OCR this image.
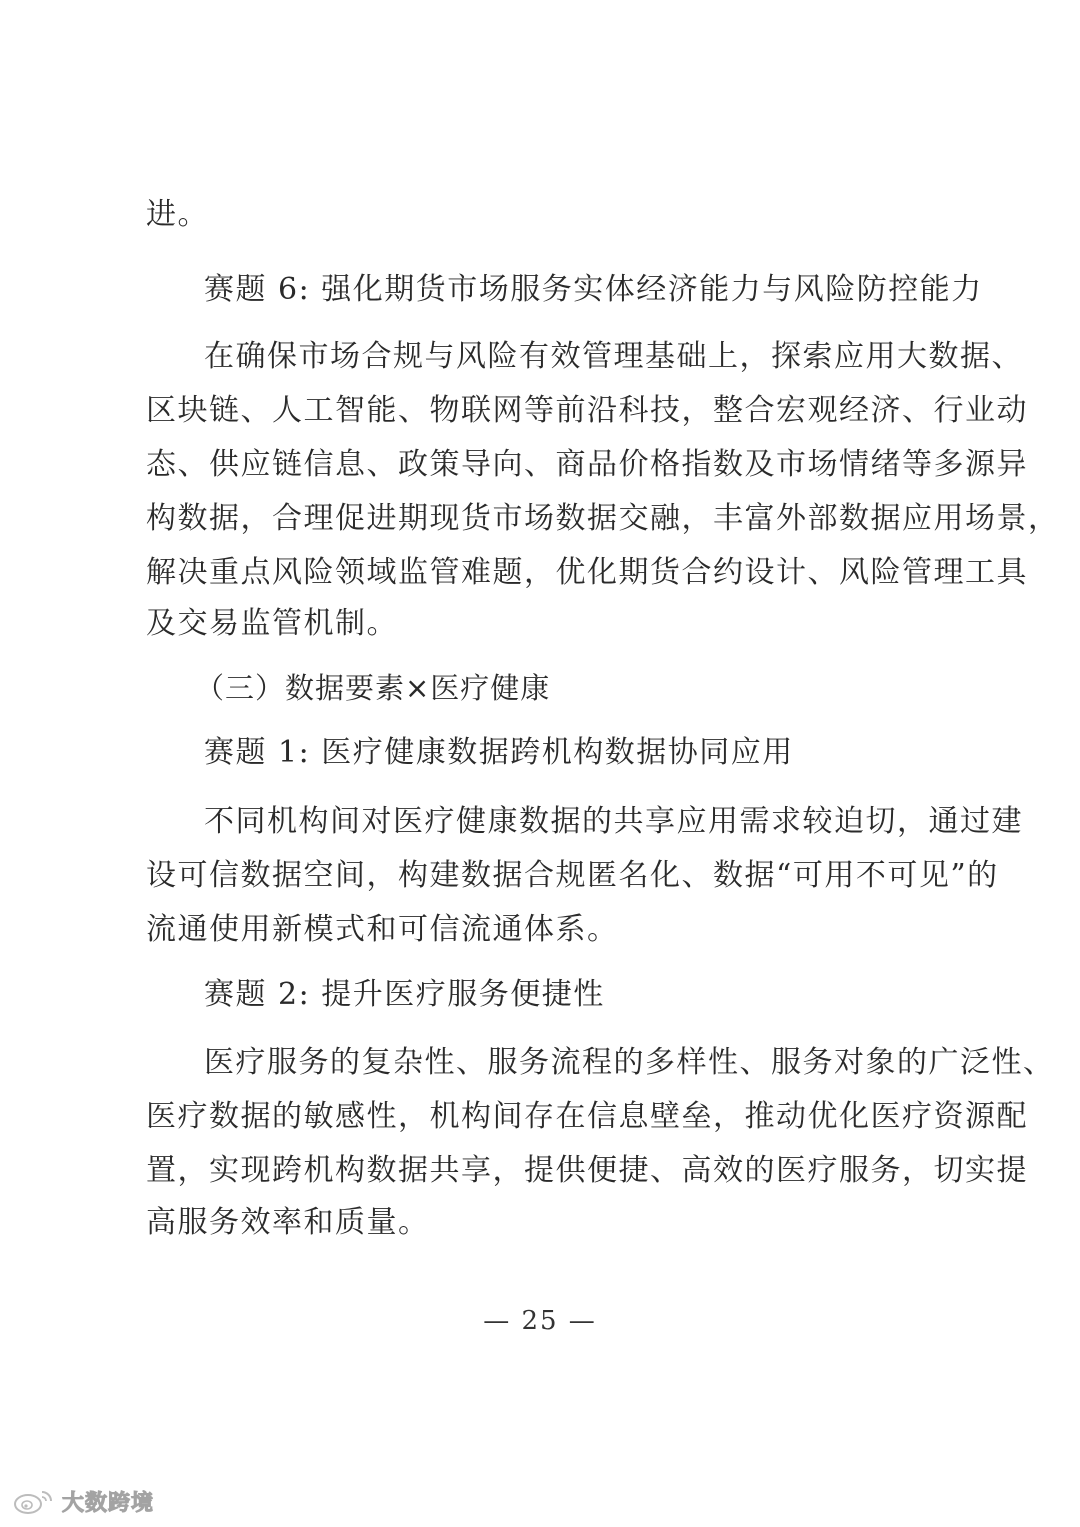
进。
赛题 6: 强化期货市场服务实体经济能力与风险防控能力
在确保市场合规与风险有效管理基础上，探索应用大数据、
区块链、人工智能、物联网等前沿科技，整合宏观经济、行业动
态、供应链信息、政策导向、商品价格指数及市场情绪等多源异
构数据，合理促进期现货市场数据交融，丰富外部数据应用场景，
解决重点风险领域监管难题，优化期货合约设计、风险管理工具
及交易监管机制。
（三）数据要素×医疗健康
赛题 1: 医疗健康数据跨机构数据协同应用
不同机构间对医疗健康数据的共享应用需求较迫切，通过建
设可信数据空间，构建数据合规匿名化、数据“可用不可见”的
流通使用新模式和可信流通体系。
赛题 2: 提升医疗服务便捷性
医疗服务的复杂性、服务流程的多样性、服务对象的广泛性、
医疗数据的敏感性，机构间存在信息壁垒，推动优化医疗资源配
置，实现跨机构数据共享，提供便捷、高效的医疗服务，切实提
高服务效率和质量。
— 25 —
大数跨境
